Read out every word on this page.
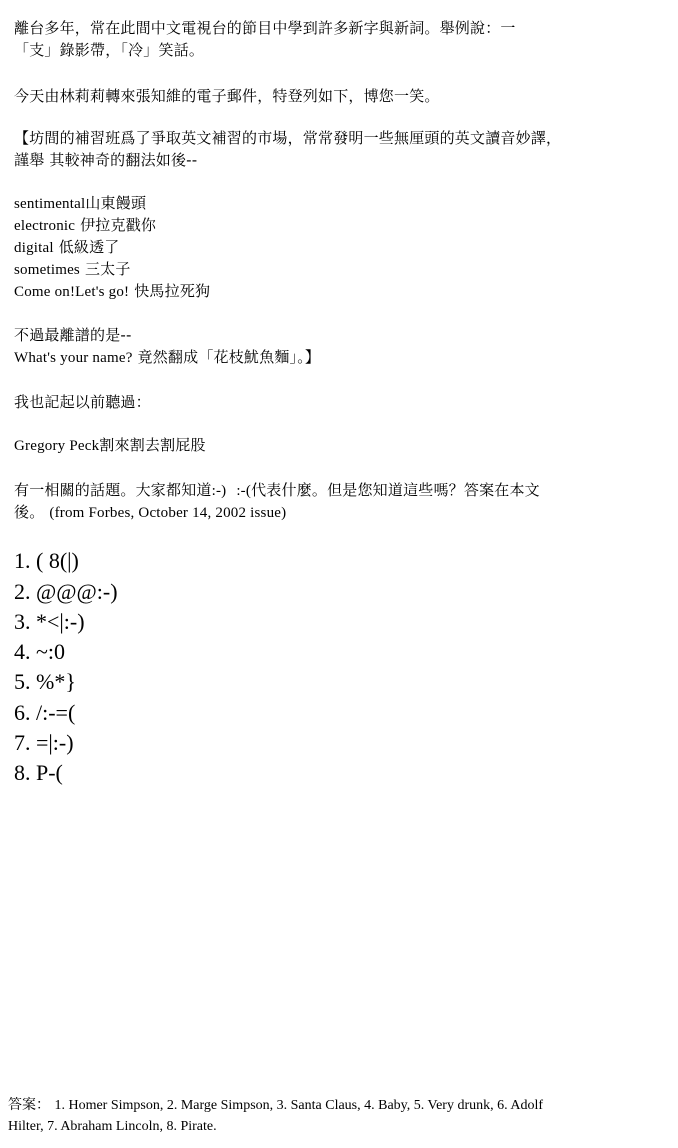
離台多年，常在此間中文電視台的節目中學到許多新字與新詞。舉例說：一
「支」錄影帶，「冷」笑話。
今天由林莉莉轉來張知維的電子郵件，特登列如下，博您一笑。
【坊間的補習班爲了爭取英文補習的市場，常常發明一些無厘頭的英文讀音妙譯，
謹舉 其較神奇的翻法如後--
sentimental山東饅頭
electronic 伊拉克戳你
digital 低級透了
sometimes 三太子
Come on!Let's go! 快馬拉死狗
不過最離譜的是--
What's your name? 竟然翻成「花枝魷魚麵」。】
我也記起以前聽過：
Gregory Peck割來割去割屁股
有一相關的話題。大家都知道:-) :-(代表什麼。但是您知道這些嗎？答案在本文
後。 (from Forbes, October 14, 2002 issue)
1. ( 8(|)
2. @@@:-)
3. *<|:-)
4. ~:0
5. %*}
6. /:-=(
7. =|:-)
8. P-(
答案： 1. Homer Simpson, 2. Marge Simpson, 3. Santa Claus, 4. Baby, 5. Very drunk, 6. Adolf
Hilter, 7. Abraham Lincoln, 8. Pirate.
